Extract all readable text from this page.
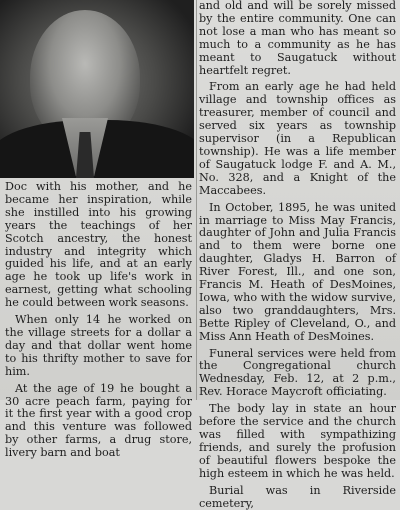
Doc with his mother, and he became her inspiration, while she instilled into his growing years the teachings of her Scotch ancestry, the honest industry and integrity which guided his life, and at an early age he took up life's work in earnest, getting what schooling he could between work seasons.

When only 14 he worked on the village streets for a dollar a day and that dollar went home to his thrifty mother to save for him.

At the age of 19 he bought a 30 acre peach farm, paying for it the first year with a good crop and this venture was followed by other farms, a drug store, livery barn and boat

and old and will be sorely missed by the entire community. One can not lose a man who has meant so much to a community as he has meant to Saugatuck without heartfelt regret.

From an early age he had held village and township offices as treasurer, member of council and served six years as township supervisor (in a Republican township). He was a life member of Saugatuck lodge F. and A. M., No. 328, and a Knight of the Maccabees.

In October, 1895, he was united in marriage to Miss May Francis, daughter of John and Julia Francis and to them were borne one daughter, Gladys H. Barron of River Forest, Ill., and one son, Francis M. Heath of DesMoines, Iowa, who with the widow survive, also two granddaughters, Mrs. Bette Ripley of Cleveland, O., and Miss Ann Heath of DesMoines.

Funeral services were held from the Congregational church Wednesday, Feb. 12, at 2 p.m., Rev. Horace Maycroft officiating.

The body lay in state an hour before the service and the church was filled with sympathizing friends, and surely the profusion of beautiful flowers bespoke the high esteem in which he was held.

Burial was in Riverside cemetery,
